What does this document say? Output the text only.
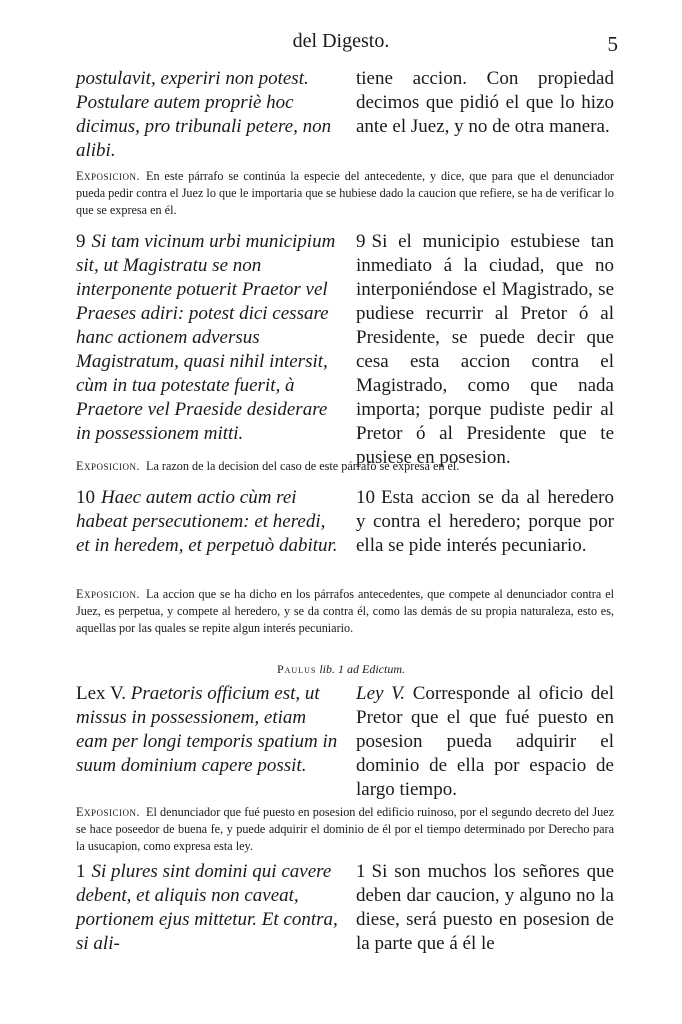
del Digesto.	5

postulavit, experiri non potest. Postulare autem propriè hoc dicimus, pro tribunali petere, non alibi.

tiene accion. Con propiedad decimos que pidió el que lo hizo ante el Juez, y no de otra manera.

Exposicion. En este párrafo se continúa la especie del antecedente, y dice, que para que el denunciador pueda pedir contra el Juez lo que le importaria que se hubiese dado la caucion que refiere, se ha de verificar lo que se expresa en él.

9 Si tam vicinum urbi municipium sit, ut Magistratu se non interponente potuerit Praetor vel Praeses adiri: potest dici cessare hanc actionem adversus Magistratum, quasi nihil intersit, cùm in tua potestate fuerit, à Praetore vel Praeside desiderare in possessionem mitti.

9 Si el municipio estubiese tan inmediato á la ciudad, que no interponiéndose el Magistrado, se pudiese recurrir al Pretor ó al Presidente, se puede decir que cesa esta accion contra el Magistrado, como que nada importa; porque pudiste pedir al Pretor ó al Presidente que te pusiese en posesion.

Exposicion. La razon de la decision del caso de este párrafo se expresa en él.

10 Haec autem actio cùm rei habeat persecutionem: et heredi, et in heredem, et perpetuò dabitur.

10 Esta accion se da al heredero y contra el heredero; porque por ella se pide interés pecuniario.

Exposicion. La accion que se ha dicho en los párrafos antecedentes, que compete al denunciador contra el Juez, es perpetua, y compete al heredero, y se da contra él, como las demás de su propia naturaleza, esto es, aquellas por las quales se repite algun interés pecuniario.
Paulus lib. 1 ad Edictum.

Lex V. Praetoris officium est, ut missus in possessionem, etiam eam per longi temporis spatium in suum dominium capere possit.

Ley V. Corresponde al oficio del Pretor que el que fué puesto en posesion pueda adquirir el dominio de ella por espacio de largo tiempo.

Exposicion. El denunciador que fué puesto en posesion del edificio ruinoso, por el segundo decreto del Juez se hace poseedor de buena fe, y puede adquirir el dominio de él por el tiempo determinado por Derecho para la usucapion, como expresa esta ley.

1 Si plures sint domini qui cavere debent, et aliquis non caveat, portionem ejus mittetur. Et contra, si ali-

1 Si son muchos los señores que deben dar caucion, y alguno no la diese, será puesto en posesion de la parte que á él le
